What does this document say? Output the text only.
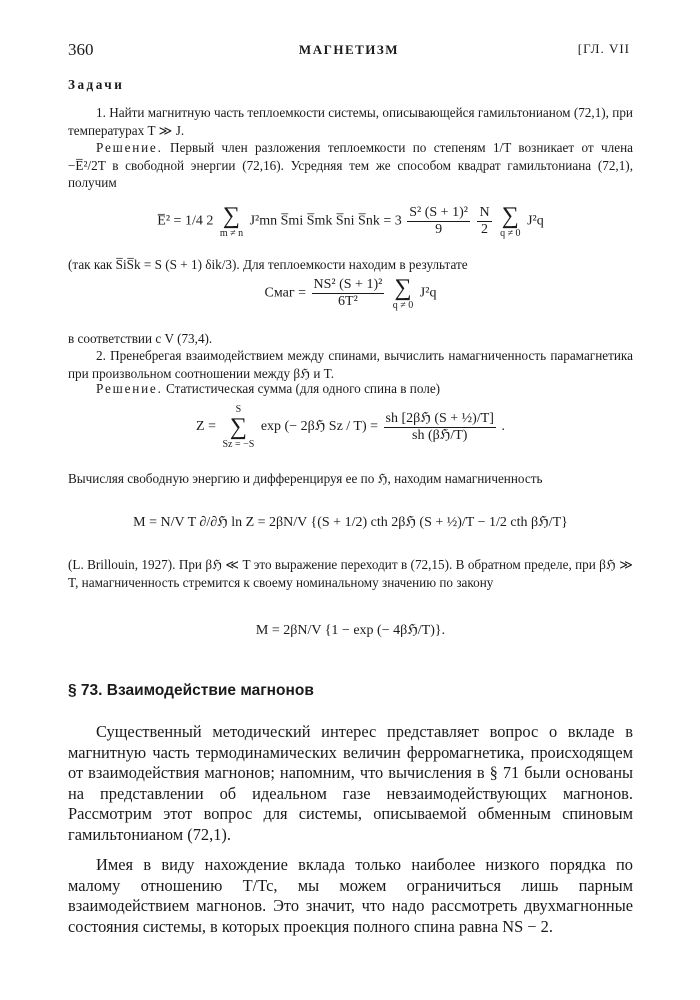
360	МАГНЕТИЗМ	[ГЛ. VII
Задачи
1. Найти магнитную часть теплоемкости системы, описывающейся гамильтонианом (72,1), при температурах T ≫ J.
Решение. Первый член разложения теплоемкости по степеням 1/T возникает от члена −E̅²/2T в свободной энергии (72,16). Усредняя тем же способом квадрат гамильтониана (72,1), получим
E̅² = 1/4 2 ∑
m ≠ n
J²mn S̅mi S̅mk S̅ni S̅nk = $3 \frac{\text{S² (S + 1)²}}{9}$
$\frac{N}{2}$
∑
q ≠ 0
J²q
(так как S̅iS̅k = S (S + 1) δik/3). Для теплоемкости находим в результате
Cмаг = $\frac{\text{NS² (S + 1)²}}{\text{6T²}}$
∑
q ≠ 0
J²q
в соответствии с V (73,4).
2. Пренебрегая взаимодействием между спинами, вычислить намагниченность парамагнетика при произвольном соотношении между βℌ и T.
Решение. Статистическая сумма (для одного спина в поле)
Z =
S
∑
Sz = −S
exp (− 2βℌ $Sz / T) = \frac{\text{sh [2βℌ (S + ½)/T]}}{\text{sh (βℌ/T)}}$ .
Вычисляя свободную энергию и дифференцируя ее по ℌ, находим намагниченность
M = N/V T ∂/∂ℌ ln Z = 2βN/V {(S + 1/2) cth 2βℌ (S + ½)/T − 1/2 cth βℌ/T}
(L. Brillouin, 1927). При βℌ ≪ T это выражение переходит в (72,15). В обратном пределе, при βℌ ≫ T, намагниченность стремится к своему номинальному значению по закону
M = 2βN/V {1 − exp (− 4βℌ/T)}.
§ 73. Взаимодействие магнонов
Существенный методический интерес представляет вопрос о вкладе в магнитную часть термодинамических величин ферромагнетика, происходящем от взаимодействия магнонов; напомним, что вычисления в § 71 были основаны на представлении об идеальном газе невзаимодействующих магнонов. Рассмотрим этот вопрос для системы, описываемой обменным спиновым гамильтонианом (72,1).
Имея в виду нахождение вклада только наиболее низкого порядка по малому отношению T/Tc, мы можем ограничиться лишь парным взаимодействием магнонов. Это значит, что надо рассмотреть двухмагнонные состояния системы, в которых проекция полного спина равна NS − 2.
